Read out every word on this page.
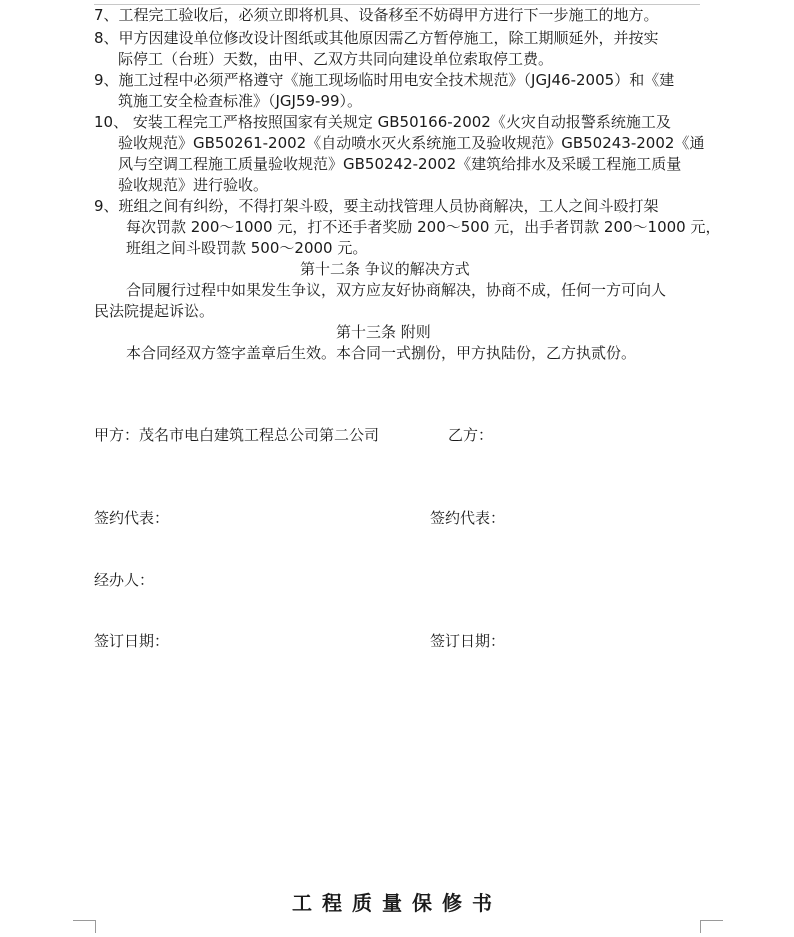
7、工程完工验收后，必须立即将机具、设备移至不妨碍甲方进行下一步施工的地方。
8、甲方因建设单位修改设计图纸或其他原因需乙方暂停施工，除工期顺延外，并按实
际停工（台班）天数，由甲、乙双方共同向建设单位索取停工费。
9、施工过程中必须严格遵守《施工现场临时用电安全技术规范》（JGJ46-2005）和《建
筑施工安全检查标准》（JGJ59-99）。
10、 安装工程完工严格按照国家有关规定 GB50166-2002《火灾自动报警系统施工及
验收规范》GB50261-2002《自动喷水灭火系统施工及验收规范》GB50243-2002《通
风与空调工程施工质量验收规范》GB50242-2002《建筑给排水及采暖工程施工质量
验收规范》进行验收。
9、班组之间有纠纷，不得打架斗殴，要主动找管理人员协商解决，工人之间斗殴打架
每次罚款 200～1000 元，打不还手者奖励 200～500 元，出手者罚款 200～1000 元，
班组之间斗殴罚款 500～2000 元。
第十二条 争议的解决方式
合同履行过程中如果发生争议，双方应友好协商解决，协商不成，任何一方可向人
民法院提起诉讼。
第十三条 附则
本合同经双方签字盖章后生效。本合同一式捌份，甲方执陆份，乙方执贰份。
甲方：茂名市电白建筑工程总公司第二公司	乙方：
签约代表：	签约代表：
经办人：
签订日期：	签订日期：
工程质量保修书
